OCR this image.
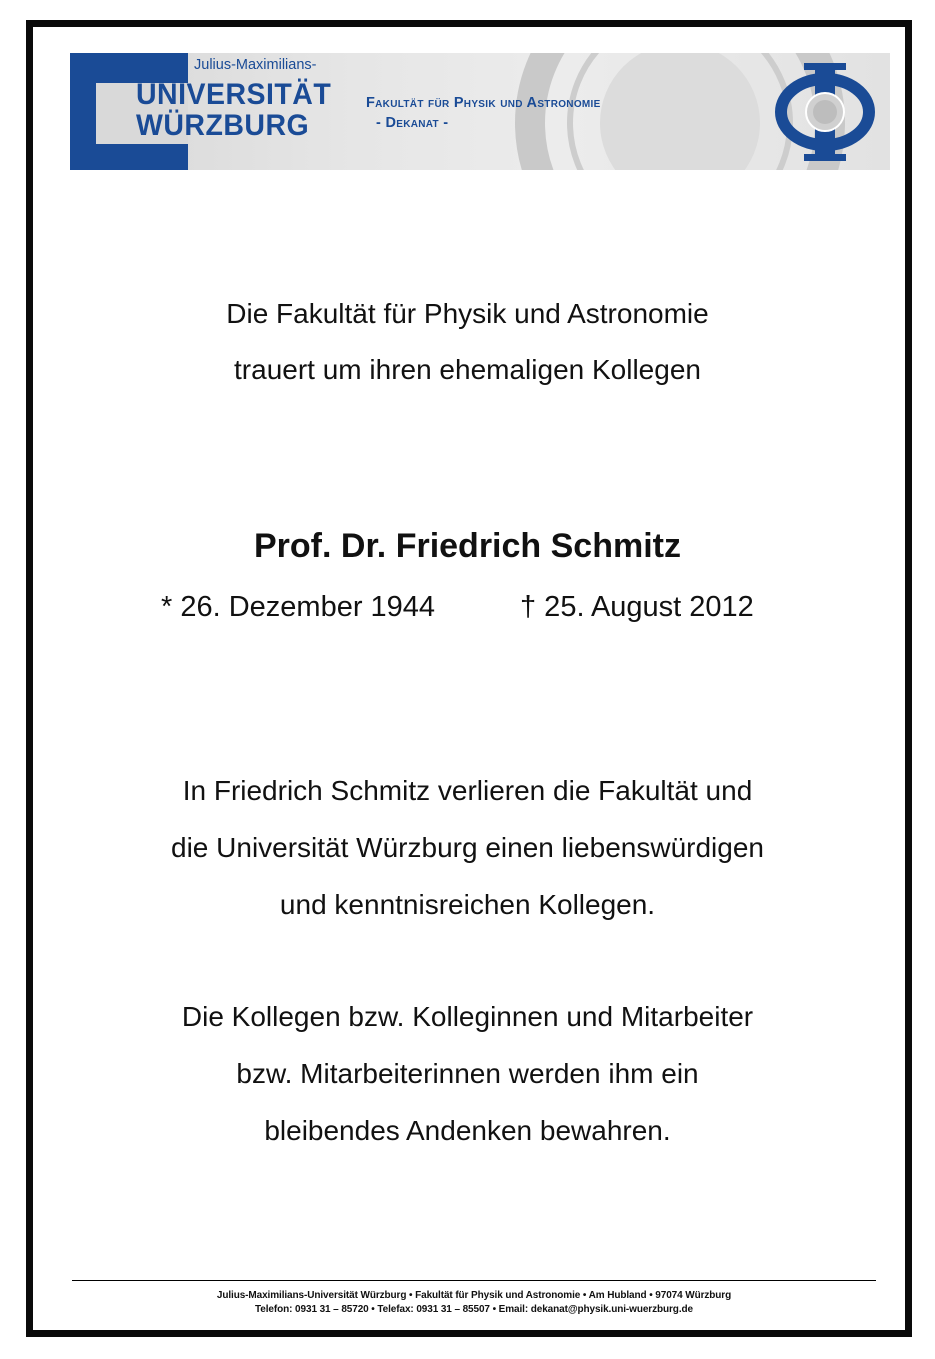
Julius-Maximilians-
UNIVERSITÄT
WÜRZBURG
Fakultät für Physik und Astronomie
- Dekanat -
Die Fakultät für Physik und Astronomie
trauert um ihren ehemaligen Kollegen
Prof. Dr. Friedrich Schmitz
* 26. Dezember 1944	† 25. August 2012
In Friedrich Schmitz verlieren die Fakultät und
die Universität Würzburg einen liebenswürdigen
und kenntnisreichen Kollegen.
Die Kollegen bzw. Kolleginnen und Mitarbeiter
bzw. Mitarbeiterinnen werden ihm ein
bleibendes Andenken bewahren.
Julius-Maximilians-Universität Würzburg • Fakultät für Physik und Astronomie • Am Hubland • 97074 Würzburg
Telefon: 0931 31 – 85720 • Telefax: 0931 31 – 85507 • Email: dekanat@physik.uni-wuerzburg.de
